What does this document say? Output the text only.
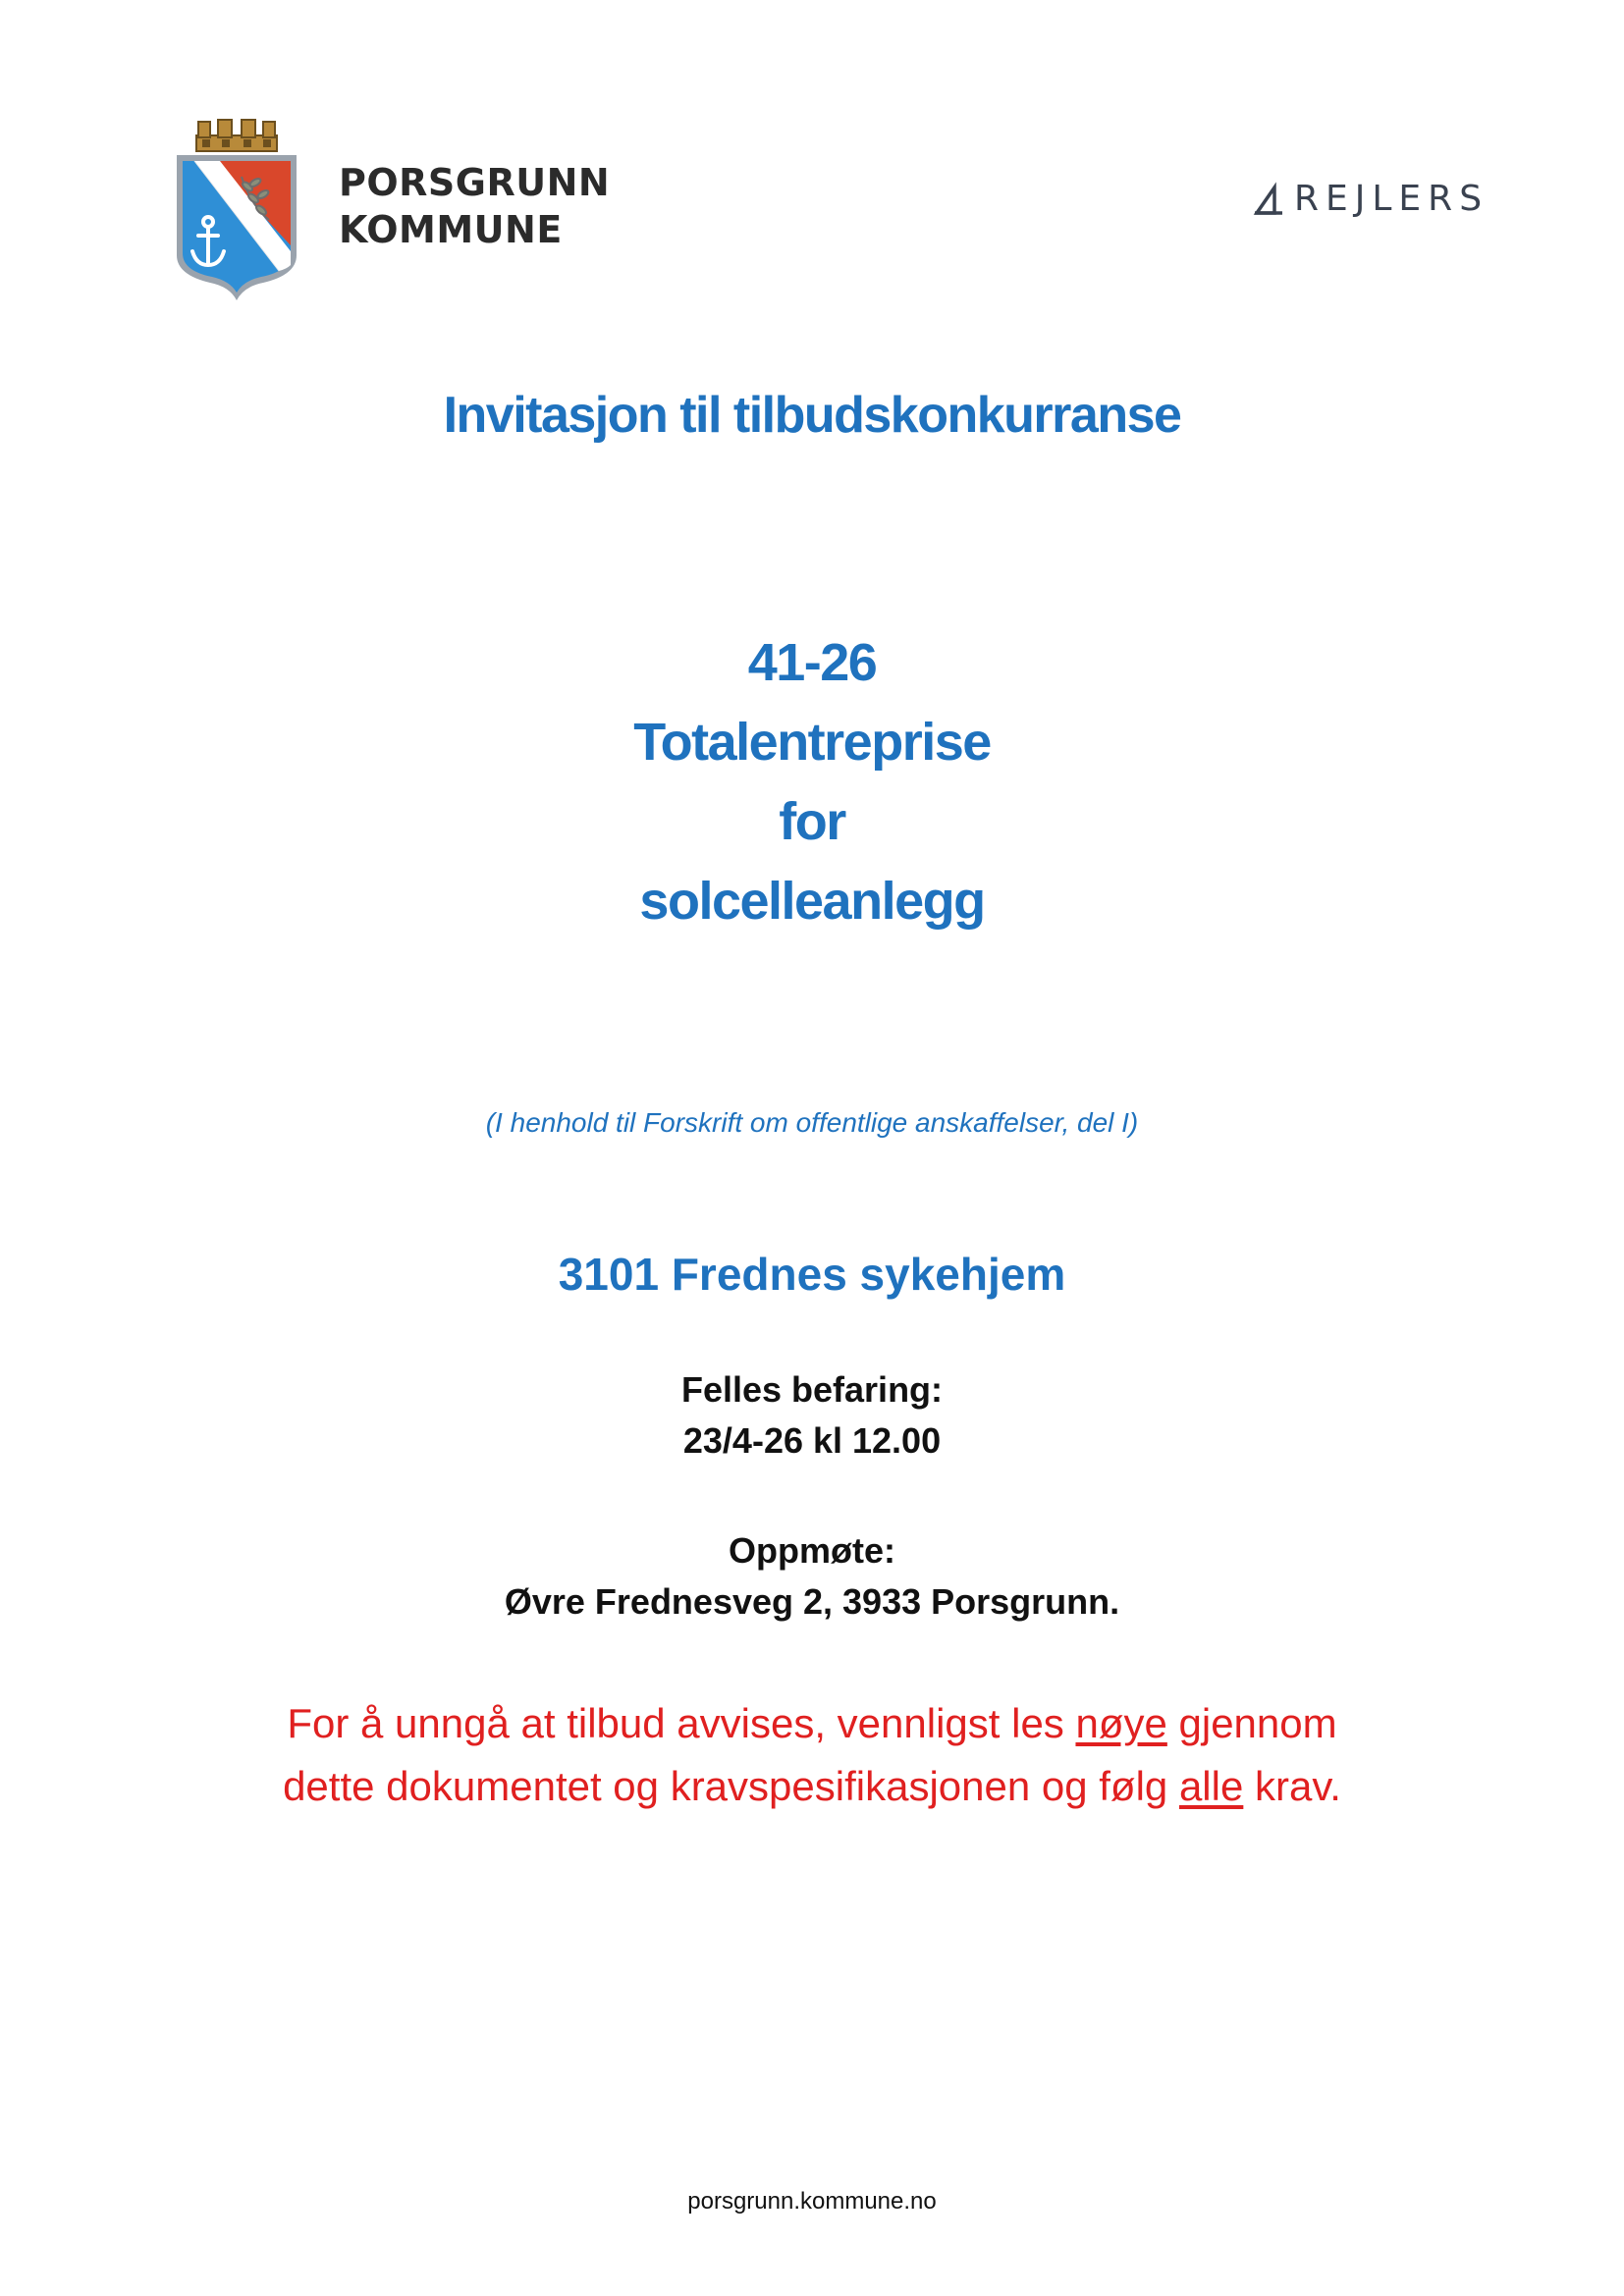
PORSGRUNN
KOMMUNE
REJLERS
Invitasjon til tilbudskonkurranse
41-26
Totalentreprise
for
solcelleanlegg
(I henhold til Forskrift om offentlige anskaffelser, del I)
3101 Frednes sykehjem
Felles befaring:
23/4-26 kl 12.00
Oppmøte:
Øvre Frednesveg 2, 3933 Porsgrunn.
For å unngå at tilbud avvises, vennligst les nøye gjennom
dette dokumentet og kravspesifikasjonen og følg alle krav.
porsgrunn.kommune.no
